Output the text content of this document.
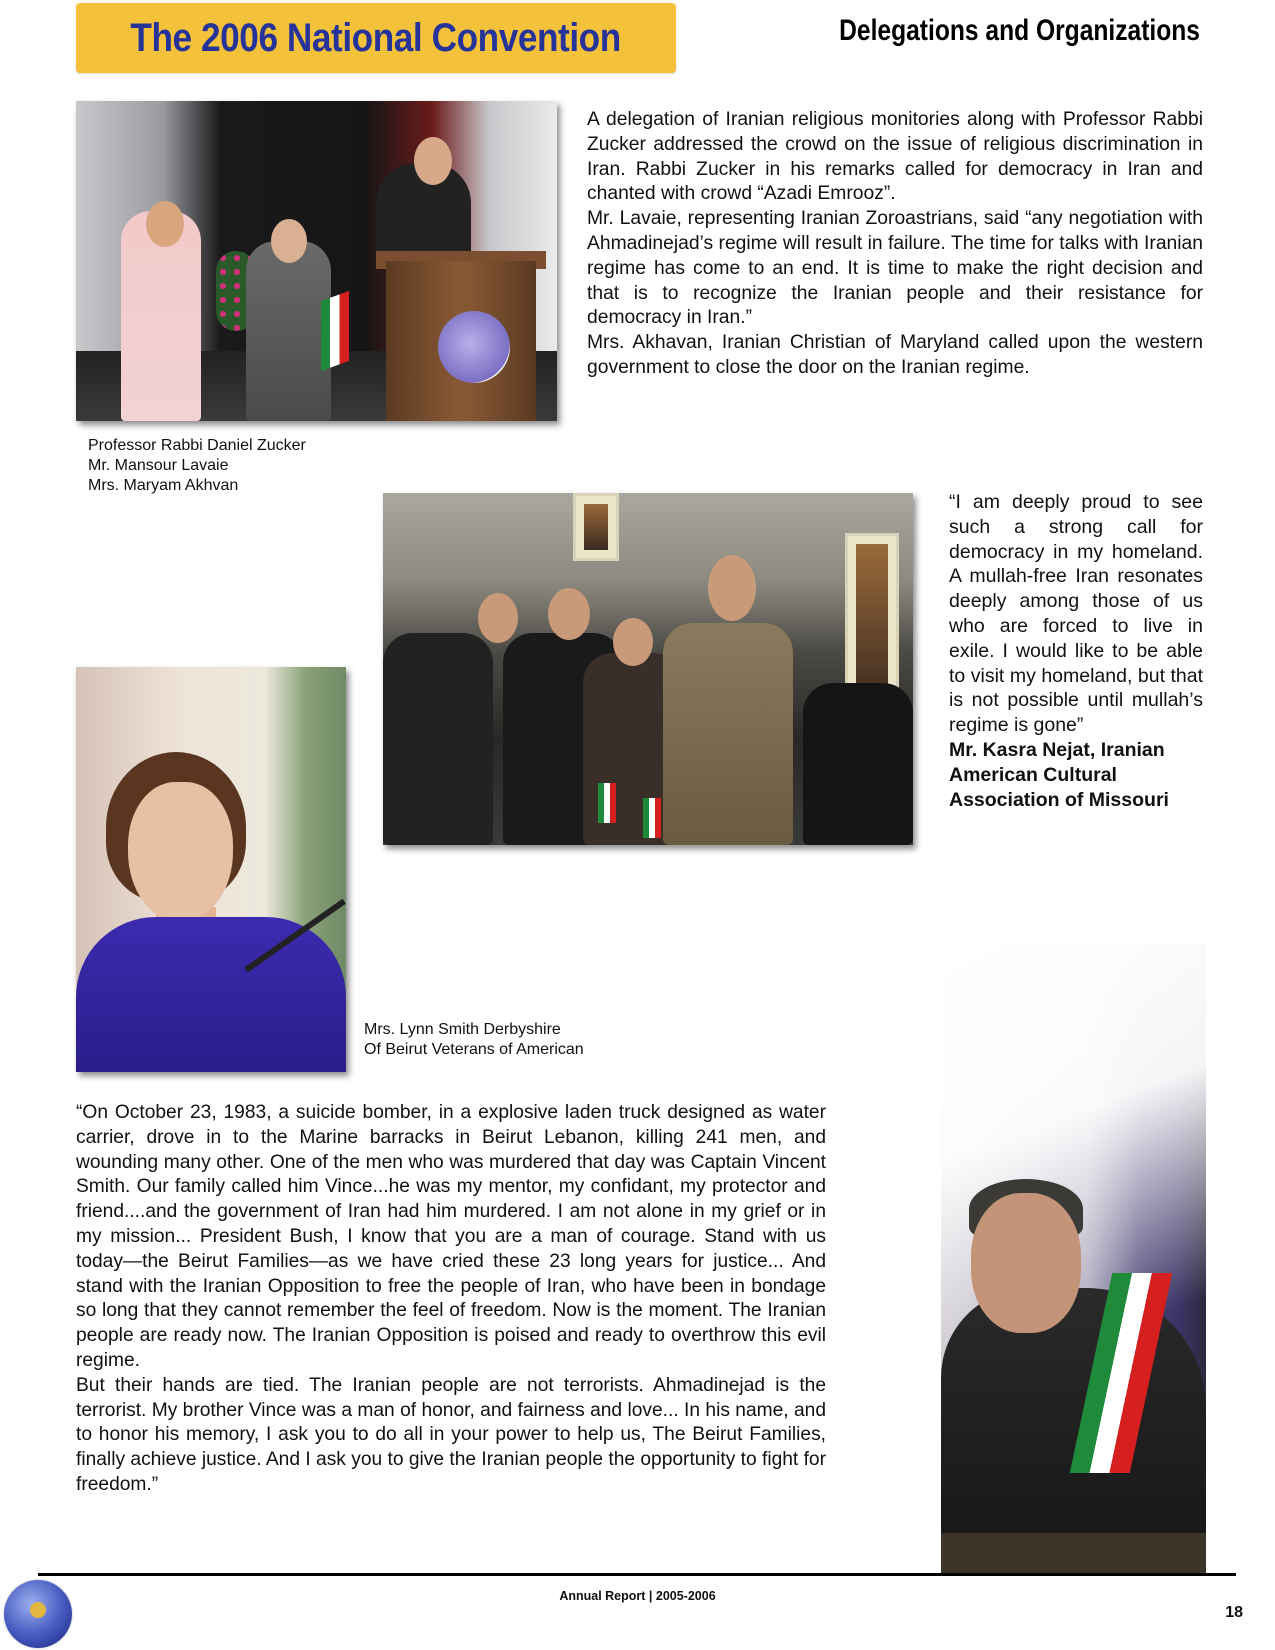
The 2006 National Convention	Delegations and Organizations

A delegation of Iranian religious monitories along with Professor Rabbi Zucker addressed the crowd on the issue of religious discrimination in Iran. Rabbi Zucker in his remarks called for democracy in Iran and chanted with crowd “Azadi Emrooz”.

Mr. Lavaie, representing Iranian Zoroastrians, said “any negotiation with Ahmadinejad’s regime will result in failure. The time for talks with Iranian regime has come to an end. It is time to make the right decision and that is to recognize the Iranian people and their resistance for democracy in Iran.”

Mrs. Akhavan, Iranian Christian of Maryland called upon the western government to close the door on the Iranian regime.

Professor Rabbi Daniel Zucker
Mr. Mansour Lavaie
Mrs. Maryam Akhvan
“I am deeply proud to see such a strong call for democracy in my homeland. A mullah-free Iran resonates deeply among those of us who are forced to live in exile. I would like to be able to visit my homeland, but that is not possible until mullah’s regime is gone”
Mr. Kasra Nejat, Iranian American Cultural Association of Missouri
Mrs. Lynn Smith Derbyshire
Of Beirut Veterans of American

“On October 23, 1983, a suicide bomber, in a explosive laden truck designed as water carrier, drove in to the Marine barracks in Beirut Lebanon, killing 241 men, and wounding many other. One of the men who was murdered that day was Captain Vincent Smith. Our family called him Vince...he was my mentor, my confidant, my protector and friend....and the government of Iran had him murdered. I am not alone in my grief or in my mission... President Bush, I know that you are a man of courage. Stand with us today—the Beirut Families—as we have cried these 23 long years for justice... And stand with the Iranian Opposition to free the people of Iran, who have been in bondage so long that they cannot remember the feel of freedom. Now is the moment. The Iranian people are ready now. The Iranian Opposition is poised and ready to overthrow this evil regime.

But their hands are tied. The Iranian people are not terrorists. Ahmadinejad is the terrorist. My brother Vince was a man of honor, and fairness and love... In his name, and to honor his memory, I ask you to do all in your power to help us, The Beirut Families, finally achieve justice. And I ask you to give the Iranian people the opportunity to fight for freedom.”

Annual Report | 2005-2006
18
